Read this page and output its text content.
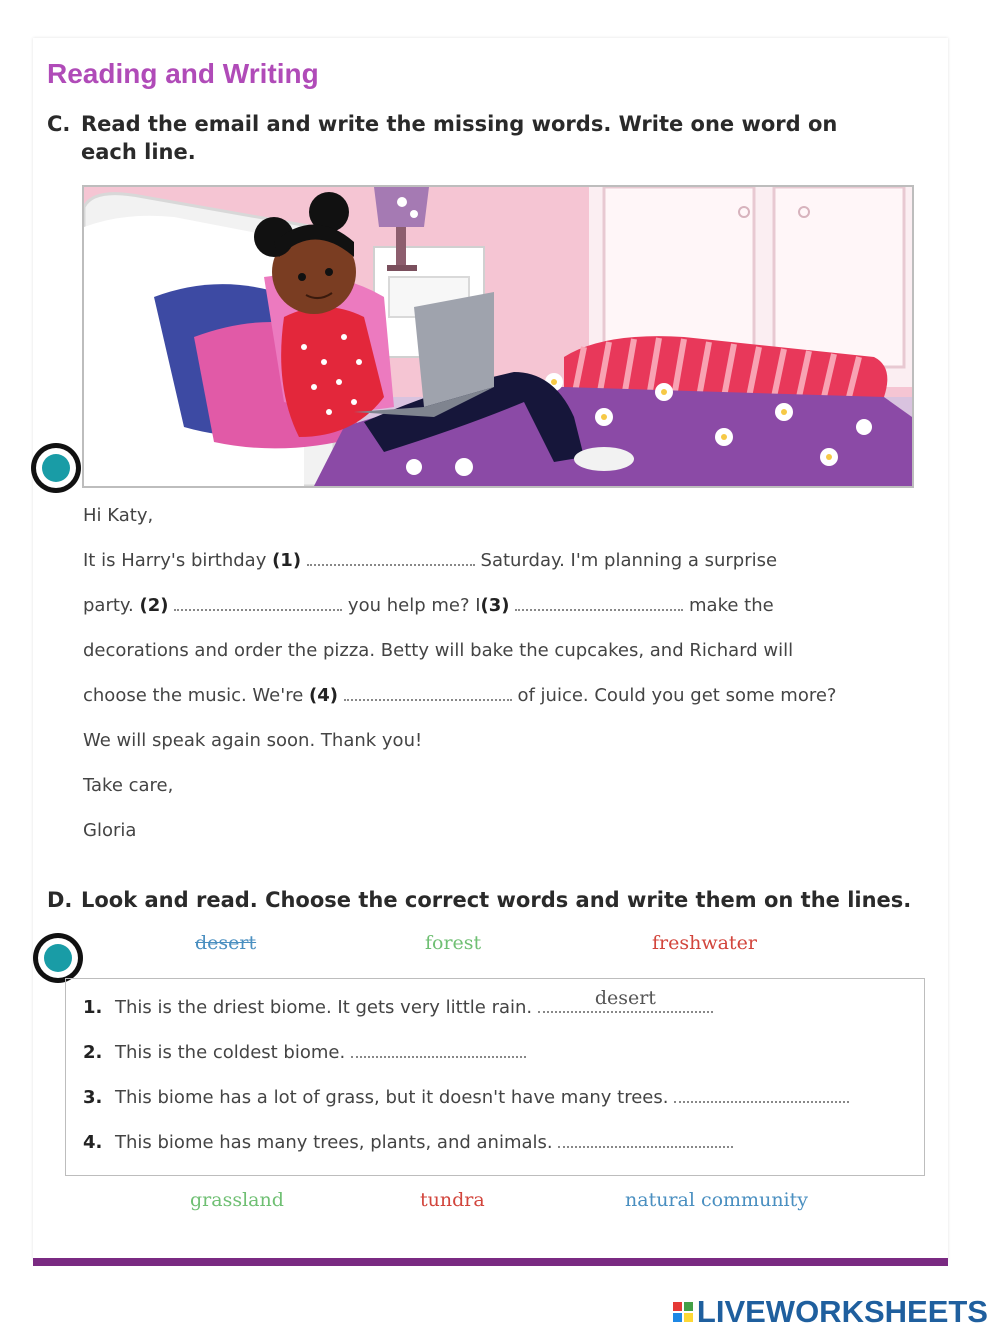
Reading and Writing
C. Read the email and write the missing words. Write one word on
each line.
Hi Katy,
It is Harry's birthday (1)	Saturday. I'm planning a surprise
party. (2)	you help me? I(3)	make the
decorations and order the pizza. Betty will bake the cupcakes, and Richard will
choose the music. We're (4)	of juice. Could you get some more?
We will speak again soon. Thank you!
Take care,
Gloria
D. Look and read. Choose the correct words and write them on the lines.
desert	forest	freshwater
1. This is the driest biome. It gets very little rain.	desert
2. This is the coldest biome.
3. This biome has a lot of grass, but it doesn't have many trees.
4. This biome has many trees, plants, and animals.
grassland	tundra	natural community
LIVEWORKSHEETS
